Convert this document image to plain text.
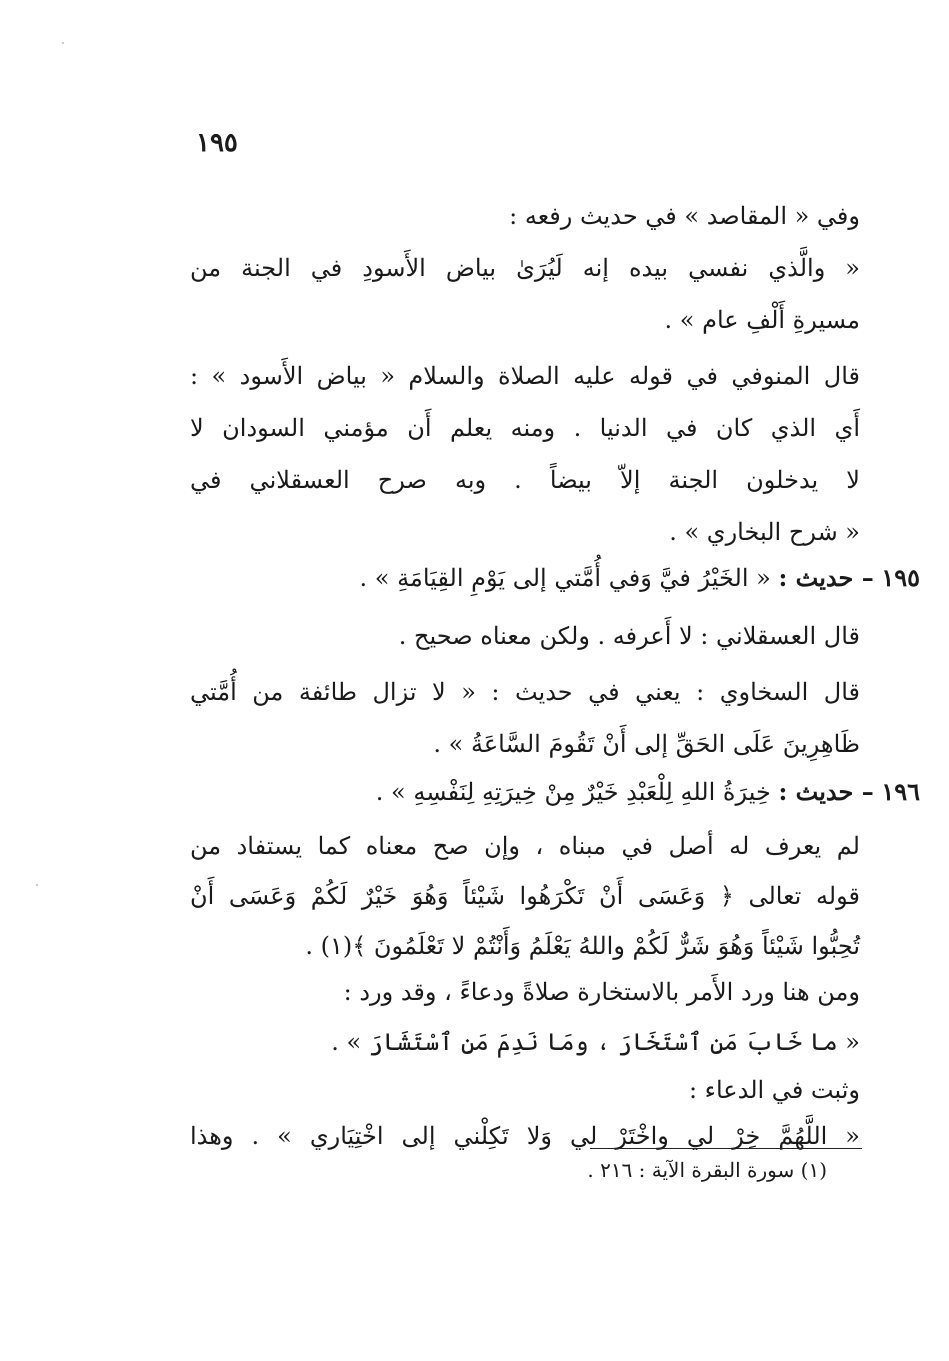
١٩٥
وفي « المقاصد » في حديث رفعه :
« والَّذي نفسي بيده إنه لَيُرَىٰ بياض الأَسودِ في الجنة من
مسيرةِ أَلْفِ عام » .
قال المنوفي في قوله عليه الصلاة والسلام « بياض الأَسود » :
أَي الذي كان في الدنيا . ومنه يعلم أَن مؤمني السودان لا
لا يدخلون الجنة إلاّ بيضاً . وبه صرح العسقلاني في
« شرح البخاري » .
١٩٥ – حديث : « الخَيْرُ فيَّ وَفي أُمَّتي إلى يَوْمِ القِيَامَةِ » .
قال العسقلاني : لا أَعرفه . ولكن معناه صحيح .
قال السخاوي : يعني في حديث : « لا تزال طائفة من أُمَّتي
ظَاهِرِينَ عَلَى الحَقِّ إلى أَنْ تَقُومَ السَّاعَةُ » .
١٩٦ – حديث : خِيرَةُ اللهِ لِلْعَبْدِ خَيْرٌ مِنْ خِيرَتِهِ لِنَفْسِهِ » .
لم يعرف له أصل في مبناه ، وإن صح معناه كما يستفاد من
قوله تعالى ﴿ وَعَسَى أَنْ تَكْرَهُوا شَيْئاً وَهُوَ خَيْرٌ لَكُمْ وَعَسَى أَنْ
تُحِبُّوا شَيْئاً وَهُوَ شَرٌّ لَكُمْ واللهُ يَعْلَمُ وَأَنْتُمْ لا تَعْلَمُونَ ﴾(١) .
ومن هنا ورد الأَمر بالاستخارة صلاةً ودعاءً ، وقد ورد :
« ما خَابَ مَنِ ٱسْتَخَارَ ، ومَا نَدِمَ مَنِ ٱسْتَشَارَ » .
وثبت في الدعاء :
« اللَّهُمَّ خِرْ لي واخْتَرْ لي وَلا تَكِلْني إلى اخْتِيَاري » . وهذا
(١) سورة البقرة الآية : ٢١٦ .
